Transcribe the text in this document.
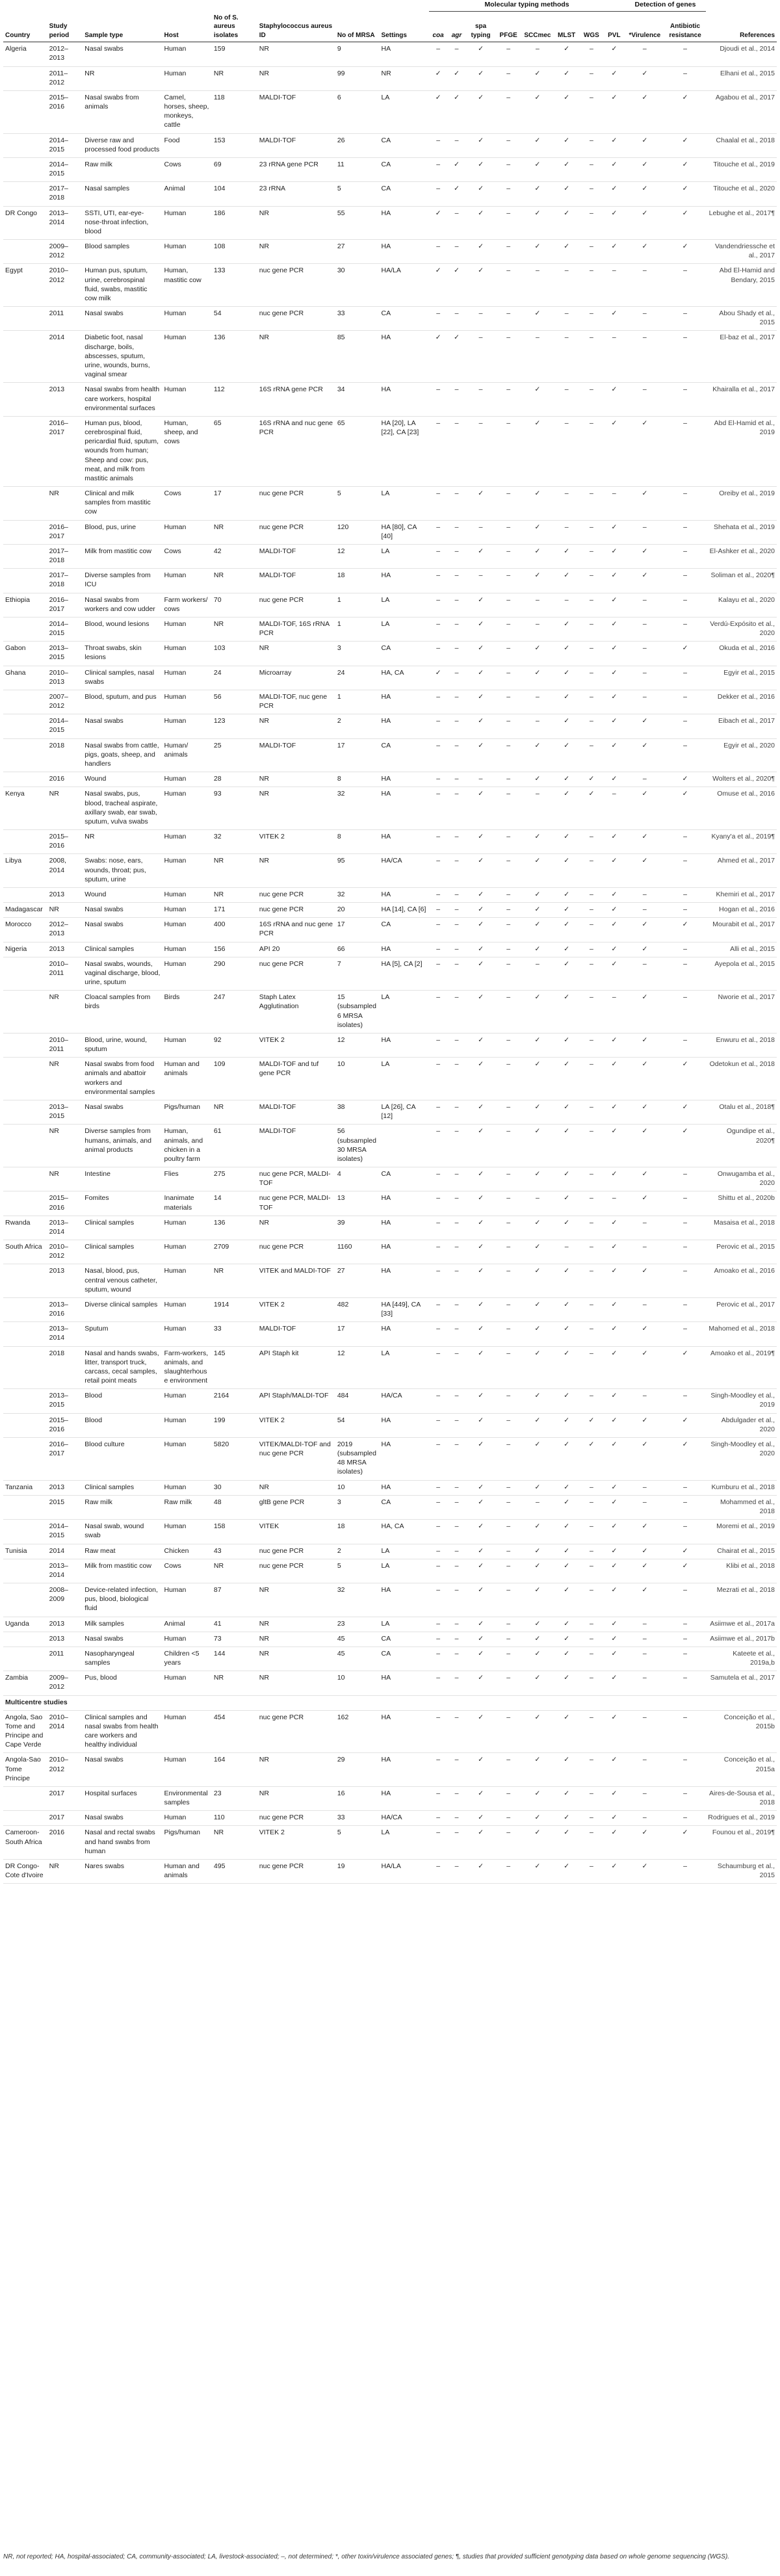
								Molecular typing methods								Detection of genes		
Country	Study period	Sample type	Host	No of S. aureus isolates	Staphylococcus aureus ID	No of MRSA	Settings	coa	agr	spa typing	PFGE	SCCmec	MLST	WGS	PVL	*Virulence	Antibiotic resistance	References
Algeria	2012–2013	Nasal swabs	Human	159	NR	9	HA	–	–	✓	–	–	✓	–	✓	–	–	Djoudi et al., 2014
	2011–2012	NR	Human	NR	NR	99	NR	✓	✓	✓	–	✓	✓	–	✓	✓	–	Elhani et al., 2015
	2015–2016	Nasal swabs from animals	Camel, horses, sheep, monkeys, cattle	118	MALDI-TOF	6	LA	✓	✓	✓	–	✓	✓	–	✓	✓	✓	Agabou et al., 2017
	2014–2015	Diverse raw and processed food products	Food	153	MALDI-TOF	26	CA	–	–	✓	–	✓	✓	–	✓	✓	✓	Chaalal et al., 2018
	2014–2015	Raw milk	Cows	69	23 rRNA gene PCR	11	CA	–	✓	✓	–	✓	✓	–	✓	✓	✓	Titouche et al., 2019
	2017–2018	Nasal samples	Animal	104	23 rRNA	5	CA	–	✓	✓	–	✓	✓	–	✓	✓	✓	Titouche et al., 2020
DR Congo	2013–2014	SSTI, UTI, ear-eye-nose-throat infection, blood	Human	186	NR	55	HA	✓	–	✓	–	✓	✓	–	✓	✓	✓	Lebughe et al., 2017¶
	2009–2012	Blood samples	Human	108	NR	27	HA	–	–	✓	–	✓	✓	–	✓	✓	✓	Vandendriessche et al., 2017
Egypt	2010–2012	Human pus, sputum, urine, cerebrospinal fluid, swabs, mastitic cow milk	Human, mastitic cow	133	nuc gene PCR	30	HA/LA	✓	✓	✓	–	–	–	–	–	–	–	Abd El-Hamid and Bendary, 2015
	2011	Nasal swabs	Human	54	nuc gene PCR	33	CA	–	–	–	–	✓	–	–	✓	–	–	Abou Shady et al., 2015
	2014	Diabetic foot, nasal discharge, boils, abscesses, sputum, urine, wounds, burns, vaginal smear	Human	136	NR	85	HA	✓	✓	–	–	–	–	–	–	–	–	El-baz et al., 2017
	2013	Nasal swabs from health care workers, hospital environmental surfaces	Human	112	16S rRNA gene PCR	34	HA	–	–	–	–	✓	–	–	✓	–	–	Khairalla et al., 2017
	2016–2017	Human pus, blood, cerebrospinal fluid, pericardial fluid, sputum, wounds from human; Sheep and cow: pus, meat, and milk from mastitic animals	Human, sheep, and cows	65	16S rRNA and nuc gene PCR	65	HA [20], LA [22], CA [23]	–	–	–	–	✓	–	–	✓	✓	–	Abd El-Hamid et al., 2019
	NR	Clinical and milk samples from mastitic cow	Cows	17	nuc gene PCR	5	LA	–	–	✓	–	✓	–	–	–	✓	–	Oreiby et al., 2019
	2016–2017	Blood, pus, urine	Human	NR	nuc gene PCR	120	HA [80], CA [40]	–	–	–	–	✓	–	–	✓	–	–	Shehata et al., 2019
	2017–2018	Milk from mastitic cow	Cows	42	MALDI-TOF	12	LA	–	–	✓	–	✓	✓	–	✓	✓	–	El-Ashker et al., 2020
	2017–2018	Diverse samples from ICU	Human	NR	MALDI-TOF	18	HA	–	–	–	–	✓	✓	–	✓	✓	–	Soliman et al., 2020¶
Ethiopia	2016–2017	Nasal swabs from workers and cow udder	Farm workers/ cows	70	nuc gene PCR	1	LA	–	–	✓	–	–	–	–	✓	–	–	Kalayu et al., 2020
	2014–2015	Blood, wound lesions	Human	NR	MALDI-TOF, 16S rRNA PCR	1	LA	–	–	✓	–	–	✓	–	✓	–	–	Verdú-Expósito et al., 2020
Gabon	2013–2015	Throat swabs, skin lesions	Human	103	NR	3	CA	–	–	✓	–	✓	✓	–	✓	–	✓	Okuda et al., 2016
Ghana	2010–2013	Clinical samples, nasal swabs	Human	24	Microarray	24	HA, CA	✓	–	✓	–	✓	✓	–	✓	–	–	Egyir et al., 2015
	2007–2012	Blood, sputum, and pus	Human	56	MALDI-TOF, nuc gene PCR	1	HA	–	–	✓	–	–	✓	–	✓	–	–	Dekker et al., 2016
	2014–2015	Nasal swabs	Human	123	NR	2	HA	–	–	✓	–	–	✓	–	✓	✓	–	Eibach et al., 2017
	2018	Nasal swabs from cattle, pigs, goats, sheep, and handlers	Human/ animals	25	MALDI-TOF	17	CA	–	–	✓	–	✓	✓	–	✓	✓	–	Egyir et al., 2020
	2016	Wound	Human	28	NR	8	HA	–	–	–	–	✓	✓	✓	✓	–	✓	Wolters et al., 2020¶
Kenya	NR	Nasal swabs, pus, blood, tracheal aspirate, axillary swab, ear swab, sputum, vulva swabs	Human	93	NR	32	HA	–	–	✓	–	–	✓	✓	–	✓	✓	Omuse et al., 2016
	2015–2016	NR	Human	32	VITEK 2	8	HA	–	–	✓	–	✓	✓	–	✓	✓	–	Kyany'a et al., 2019¶
Libya	2008, 2014	Swabs: nose, ears, wounds, throat; pus, sputum, urine	Human	NR	NR	95	HA/CA	–	–	✓	–	✓	✓	–	✓	✓	–	Ahmed et al., 2017
	2013	Wound	Human	NR	nuc gene PCR	32	HA	–	–	✓	–	✓	✓	–	✓	–	–	Khemiri et al., 2017
Madagascar	NR	Nasal swabs	Human	171	nuc gene PCR	20	HA [14], CA [6]	–	–	✓	–	✓	✓	–	✓	–	–	Hogan et al., 2016
Morocco	2012–2013	Nasal swabs	Human	400	16S rRNA and nuc gene PCR	17	CA	–	–	✓	–	✓	✓	–	✓	✓	✓	Mourabit et al., 2017
Nigeria	2013	Clinical samples	Human	156	API 20	66	HA	–	–	✓	–	✓	✓	–	✓	✓	–	Alli et al., 2015
	2010–2011	Nasal swabs, wounds, vaginal discharge, blood, urine, sputum	Human	290	nuc gene PCR	7	HA [5], CA [2]	–	–	✓	–	–	✓	–	✓	–	–	Ayepola et al., 2015
	NR	Cloacal samples from birds	Birds	247	Staph Latex Agglutination	15 (subsampled 6 MRSA isolates)	LA	–	–	✓	–	✓	✓	–	–	✓	–	Nworie et al., 2017
	2010–2011	Blood, urine, wound, sputum	Human	92	VITEK 2	12	HA	–	–	✓	–	✓	✓	–	✓	✓	–	Enwuru et al., 2018
	NR	Nasal swabs from food animals and abattoir workers and environmental samples	Human and animals	109	MALDI-TOF and tuf gene PCR	10	LA	–	–	✓	–	✓	✓	–	✓	✓	✓	Odetokun et al., 2018
	2013–2015	Nasal swabs	Pigs/human	NR	MALDI-TOF	38	LA [26], CA [12]	–	–	✓	–	✓	✓	–	✓	✓	✓	Otalu et al., 2018¶
	NR	Diverse samples from humans, animals, and animal products	Human, animals, and chicken in a poultry farm	61	MALDI-TOF	56 (subsampled 30 MRSA isolates)		–	–	✓	–	✓	✓	–	✓	✓	✓	Ogundipe et al., 2020¶
	NR	Intestine	Flies	275	nuc gene PCR, MALDI-TOF	4	CA	–	–	✓	–	✓	✓	–	✓	✓	–	Onwugamba et al., 2020
	2015–2016	Fomites	Inanimate materials	14	nuc gene PCR, MALDI-TOF	13	HA	–	–	✓	–	–	✓	–	–	✓	–	Shittu et al., 2020b
Rwanda	2013–2014	Clinical samples	Human	136	NR	39	HA	–	–	✓	–	✓	✓	–	✓	–	–	Masaisa et al., 2018
South Africa	2010–2012	Clinical samples	Human	2709	nuc gene PCR	1160	HA	–	–	✓	–	✓	–	–	✓	–	–	Perovic et al., 2015
	2013	Nasal, blood, pus, central venous catheter, sputum, wound	Human	NR	VITEK and MALDI-TOF	27	HA	–	–	✓	–	✓	✓	–	✓	✓	–	Amoako et al., 2016
	2013–2016	Diverse clinical samples	Human	1914	VITEK 2	482	HA [449], CA [33]	–	–	✓	–	✓	✓	–	✓	–	–	Perovic et al., 2017
	2013–2014	Sputum	Human	33	MALDI-TOF	17	HA	–	–	✓	–	✓	✓	–	✓	✓	–	Mahomed et al., 2018
	2018	Nasal and hands swabs, litter, transport truck, carcass, cecal samples, retail point meats	Farm-workers, animals, and slaughterhouse environment	145	API Staph kit	12	LA	–	–	✓	–	✓	✓	–	✓	✓	✓	Amoako et al., 2019¶
	2013–2015	Blood	Human	2164	API Staph/MALDI-TOF	484	HA/CA	–	–	✓	–	✓	✓	–	✓	–	–	Singh-Moodley et al., 2019
	2015–2016	Blood	Human	199	VITEK 2	54	HA	–	–	✓	–	✓	✓	✓	✓	✓	✓	Abdulgader et al., 2020
	2016–2017	Blood culture	Human	5820	VITEK/MALDI-TOF and nuc gene PCR	2019 (subsampled 48 MRSA isolates)	HA	–	–	✓	–	✓	✓	✓	✓	✓	✓	Singh-Moodley et al., 2020
Tanzania	2013	Clinical samples	Human	30	NR	10	HA	–	–	✓	–	✓	✓	–	✓	–	–	Kumburu et al., 2018
	2015	Raw milk	Raw milk	48	gltB gene PCR	3	CA	–	–	✓	–	–	✓	–	✓	–	–	Mohammed et al., 2018
	2014–2015	Nasal swab, wound swab	Human	158	VITEK	18	HA, CA	–	–	✓	–	✓	✓	–	✓	✓	–	Moremi et al., 2019
Tunisia	2014	Raw meat	Chicken	43	nuc gene PCR	2	LA	–	–	✓	–	✓	✓	–	✓	✓	✓	Chairat et al., 2015
	2013–2014	Milk from mastitic cow	Cows	NR	nuc gene PCR	5	LA	–	–	✓	–	✓	✓	–	✓	✓	✓	Klibi et al., 2018
	2008–2009	Device-related infection, pus, blood, biological fluid	Human	87	NR	32	HA	–	–	✓	–	✓	✓	–	✓	✓	–	Mezrati et al., 2018
Uganda	2013	Milk samples	Animal	41	NR	23	LA	–	–	✓	–	✓	✓	–	✓	–	–	Asiimwe et al., 2017a
	2013	Nasal swabs	Human	73	NR	45	CA	–	–	✓	–	✓	✓	–	✓	–	–	Asiimwe et al., 2017b
	2011	Nasopharyngeal samples	Children <5 years	144	NR	45	CA	–	–	✓	–	✓	✓	–	✓	–	–	Kateete et al., 2019a,b
Zambia	2009–2012	Pus, blood	Human	NR	NR	10	HA	–	–	✓	–	✓	✓	–	✓	–	–	Samutela et al., 2017
Multicentre studies																		
Angola, Sao Tome and Principe and Cape Verde	2010–2014	Clinical samples and nasal swabs from health care workers and healthy individual	Human	454	nuc gene PCR	162	HA	–	–	✓	–	✓	✓	–	✓	–	–	Conceição et al., 2015b
Angola-Sao Tome Principe	2010–2012	Nasal swabs	Human	164	NR	29	HA	–	–	✓	–	✓	✓	–	✓	–	–	Conceição et al., 2015a
	2017	Hospital surfaces	Environmental samples	23	NR	16	HA	–	–	✓	–	✓	✓	–	✓	–	–	Aires-de-Sousa et al., 2018
	2017	Nasal swabs	Human	110	nuc gene PCR	33	HA/CA	–	–	✓	–	✓	✓	–	✓	–	–	Rodrigues et al., 2019
Cameroon-South Africa	2016	Nasal and rectal swabs and hand swabs from human	Pigs/human	NR	VITEK 2	5	LA	–	–	✓	–	✓	✓	–	✓	✓	✓	Founou et al., 2019¶
DR Congo-Cote d'Ivoire	NR	Nares swabs	Human and animals	495	nuc gene PCR	19	HA/LA	–	–	✓	–	✓	✓	–	✓	✓	–	Schaumburg et al., 2015
NR, not reported; HA, hospital-associated; CA, community-associated; LA, livestock-associated; –, not determined; *, other toxin/virulence associated genes; ¶, studies that provided sufficient genotyping data based on whole genome sequencing (WGS).
